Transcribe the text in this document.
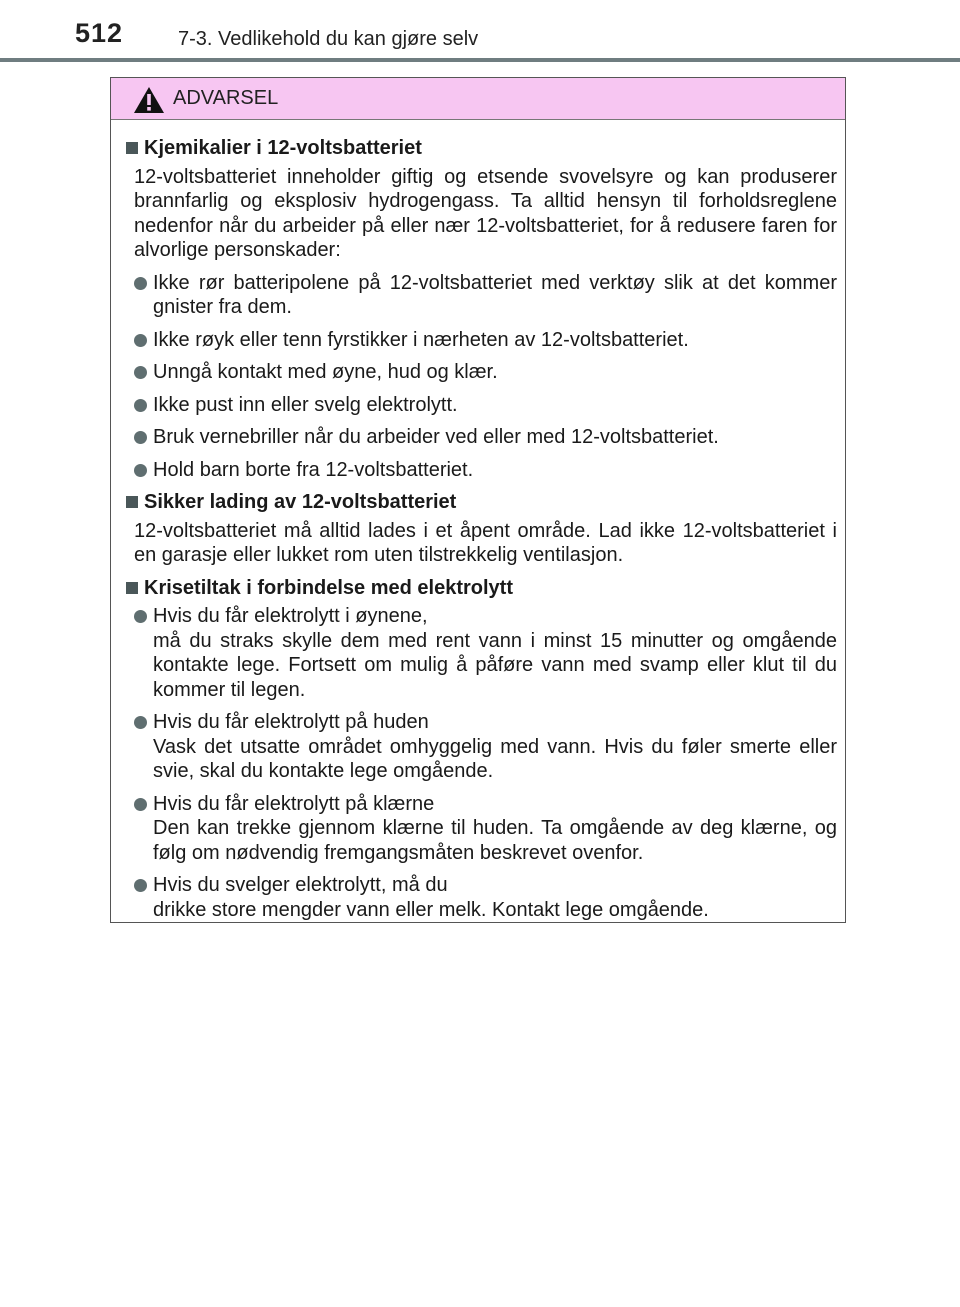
512	7-3. Vedlikehold du kan gjøre selv
ADVARSEL
Kjemikalier i 12-voltsbatteriet
12-voltsbatteriet inneholder giftig og etsende svovelsyre og kan produserer brannfarlig og eksplosiv hydrogengass. Ta alltid hensyn til forholdsreglene nedenfor når du arbeider på eller nær 12-voltsbatteriet, for å redusere faren for alvorlige personskader:
Ikke rør batteripolene på 12-voltsbatteriet med verktøy slik at det kommer gnister fra dem.
Ikke røyk eller tenn fyrstikker i nærheten av 12-voltsbatteriet.
Unngå kontakt med øyne, hud og klær.
Ikke pust inn eller svelg elektrolytt.
Bruk vernebriller når du arbeider ved eller med 12-voltsbatteriet.
Hold barn borte fra 12-voltsbatteriet.
Sikker lading av 12-voltsbatteriet
12-voltsbatteriet må alltid lades i et åpent område. Lad ikke 12-voltsbatteriet i en garasje eller lukket rom uten tilstrekkelig ventilasjon.
Krisetiltak i forbindelse med elektrolytt
Hvis du får elektrolytt i øynene,
må du straks skylle dem med rent vann i minst 15 minutter og omgående kontakte lege. Fortsett om mulig å påføre vann med svamp eller klut til du kommer til legen.
Hvis du får elektrolytt på huden
Vask det utsatte området omhyggelig med vann. Hvis du føler smerte eller svie, skal du kontakte lege omgående.
Hvis du får elektrolytt på klærne
Den kan trekke gjennom klærne til huden. Ta omgående av deg klærne, og følg om nødvendig fremgangsmåten beskrevet ovenfor.
Hvis du svelger elektrolytt, må du
drikke store mengder vann eller melk. Kontakt lege omgående.
